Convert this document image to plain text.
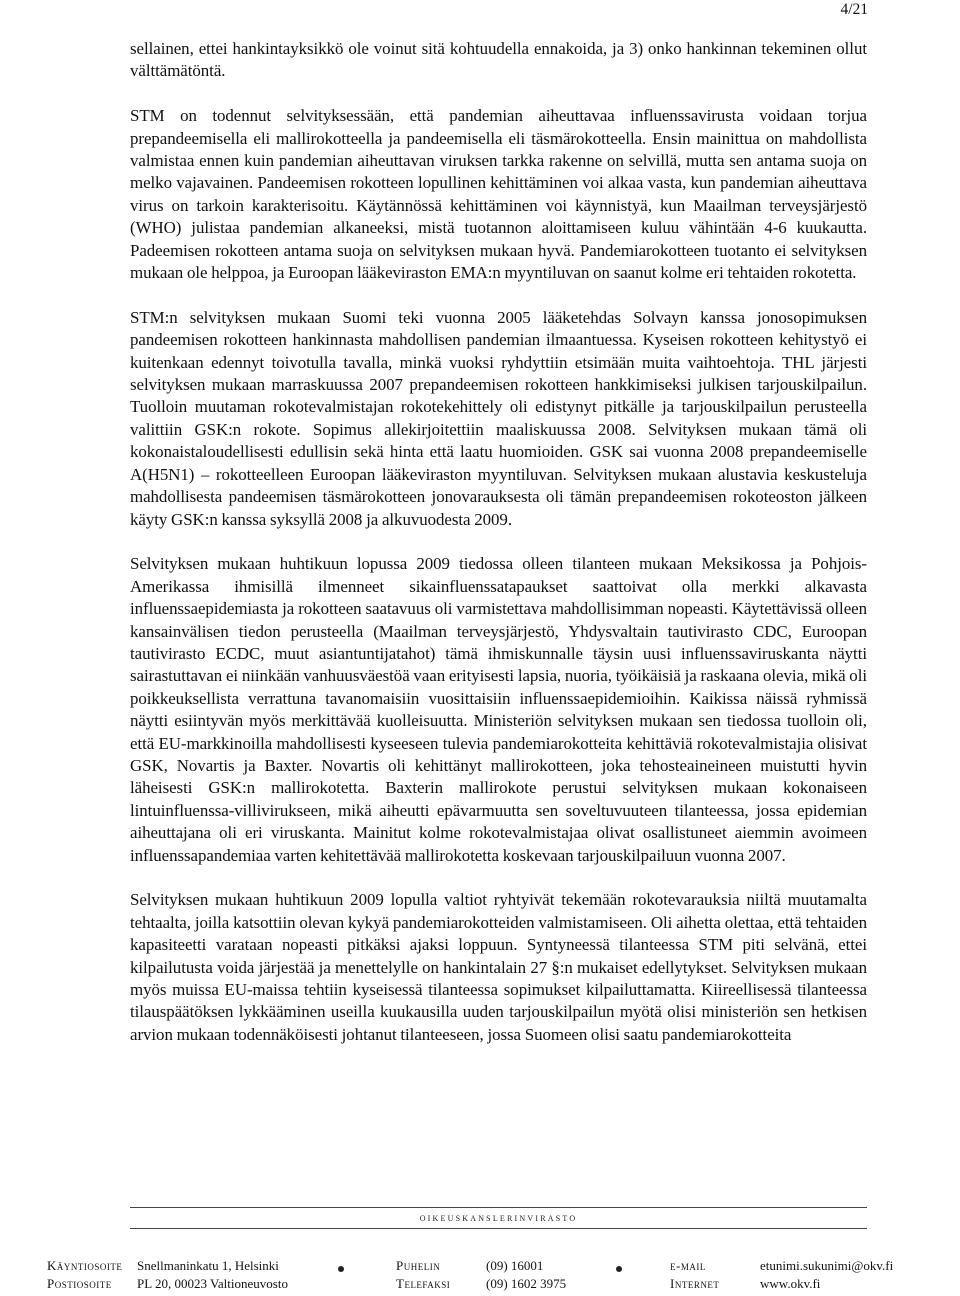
4/21

sellainen, ettei hankintayksikkö ole voinut sitä kohtuudella ennakoida, ja 3) onko hankinnan tekeminen ollut välttämätöntä.

STM on todennut selvityksessään, että pandemian aiheuttavaa influenssavirusta voidaan torjua prepandeemisella eli mallirokotteella ja pandeemisella eli täsmärokotteella. Ensin mainittua on mahdollista valmistaa ennen kuin pandemian aiheuttavan viruksen tarkka rakenne on selvillä, mutta sen antama suoja on melko vajavainen. Pandeemisen rokotteen lopullinen kehittäminen voi alkaa vasta, kun pandemian aiheuttava virus on tarkoin karakterisoitu. Käytännössä kehittäminen voi käynnistyä, kun Maailman terveysjärjestö (WHO) julistaa pandemian alkaneeksi, mistä tuotannon aloittamiseen kuluu vähintään 4-6 kuukautta. Padeemisen rokotteen antama suoja on selvityksen mukaan hyvä. Pandemiarokotteen tuotanto ei selvityksen mukaan ole helppoa, ja Euroopan lääkeviraston EMA:n myyntiluvan on saanut kolme eri tehtaiden rokotetta.

STM:n selvityksen mukaan Suomi teki vuonna 2005 lääketehdas Solvayn kanssa jonosopimuksen pandeemisen rokotteen hankinnasta mahdollisen pandemian ilmaantuessa. Kyseisen rokotteen kehitystyö ei kuitenkaan edennyt toivotulla tavalla, minkä vuoksi ryhdyttiin etsimään muita vaihtoehtoja. THL järjesti selvityksen mukaan marraskuussa 2007 prepandeemisen rokotteen hankkimiseksi julkisen tarjouskilpailun. Tuolloin muutaman rokotevalmistajan rokotekehittely oli edistynyt pitkälle ja tarjouskilpailun perusteella valittiin GSK:n rokote. Sopimus allekirjoitettiin maaliskuussa 2008. Selvityksen mukaan tämä oli kokonaistaloudellisesti edullisin sekä hinta että laatu huomioiden. GSK sai vuonna 2008 prepandeemiselle A(H5N1) – rokotteelleen Euroopan lääkeviraston myyntiluvan. Selvityksen mukaan alustavia keskusteluja mahdollisesta pandeemisen täsmärokotteen jonovarauksesta oli tämän prepandeemisen rokoteoston jälkeen käyty GSK:n kanssa syksyllä 2008 ja alkuvuodesta 2009.

Selvityksen mukaan huhtikuun lopussa 2009 tiedossa olleen tilanteen mukaan Meksikossa ja Pohjois-Amerikassa ihmisillä ilmenneet sikainfluenssatapaukset saattoivat olla merkki alkavasta influenssaepidemiasta ja rokotteen saatavuus oli varmistettava mahdollisimman nopeasti. Käytettävissä olleen kansainvälisen tiedon perusteella (Maailman terveysjärjestö, Yhdysvaltain tautivirasto CDC, Euroopan tautivirasto ECDC, muut asiantuntijatahot) tämä ihmiskunnalle täysin uusi influenssaviruskanta näytti sairastuttavan ei niinkään vanhuusväestöä vaan erityisesti lapsia, nuoria, työikäisiä ja raskaana olevia, mikä oli poikkeuksellista verrattuna tavanomaisiin vuosittaisiin influenssaepidemioihin. Kaikissa näissä ryhmissä näytti esiintyvän myös merkittävää kuolleisuutta. Ministeriön selvityksen mukaan sen tiedossa tuolloin oli, että EU-markkinoilla mahdollisesti kyseeseen tulevia pandemiarokotteita kehittäviä rokotevalmistajia olisivat GSK, Novartis ja Baxter. Novartis oli kehittänyt mallirokotteen, joka tehosteaineineen muistutti hyvin läheisesti GSK:n mallirokotetta. Baxterin mallirokote perustui selvityksen mukaan kokonaiseen lintuinfluenssa-villivirukseen, mikä aiheutti epävarmuutta sen soveltuvuuteen tilanteessa, jossa epidemian aiheuttajana oli eri viruskanta. Mainitut kolme rokotevalmistajaa olivat osallistuneet aiemmin avoimeen influenssapandemiaa varten kehitettävää mallirokotetta koskevaan tarjouskilpailuun vuonna 2007.

Selvityksen mukaan huhtikuun 2009 lopulla valtiot ryhtyivät tekemään rokotevarauksia niiltä muutamalta tehtaalta, joilla katsottiin olevan kykyä pandemiarokotteiden valmistamiseen. Oli aihetta olettaa, että tehtaiden kapasiteetti varataan nopeasti pitkäksi ajaksi loppuun. Syntyneessä tilanteessa STM piti selvänä, ettei kilpailutusta voida järjestää ja menettelylle on hankintalain 27 §:n mukaiset edellytykset. Selvityksen mukaan myös muissa EU-maissa tehtiin kyseisessä tilanteessa sopimukset kilpailuttamatta. Kiireellisessä tilanteessa tilauspäätöksen lykkääminen useilla kuukausilla uuden tarjouskilpailun myötä olisi ministeriön sen hetkisen arvion mukaan todennäköisesti johtanut tilanteeseen, jossa Suomeen olisi saatu pandemiarokotteita

oikeuskanslerinvirasto
Käyntiosoite Snellmaninkatu 1, Helsinki
Postiosoite PL 20, 00023 Valtioneuvosto
Puhelin	(09) 16001
Telefaksi	(09) 1602 3975
e-mail	etunimi.sukunimi@okv.fi
Internet	www.okv.fi
